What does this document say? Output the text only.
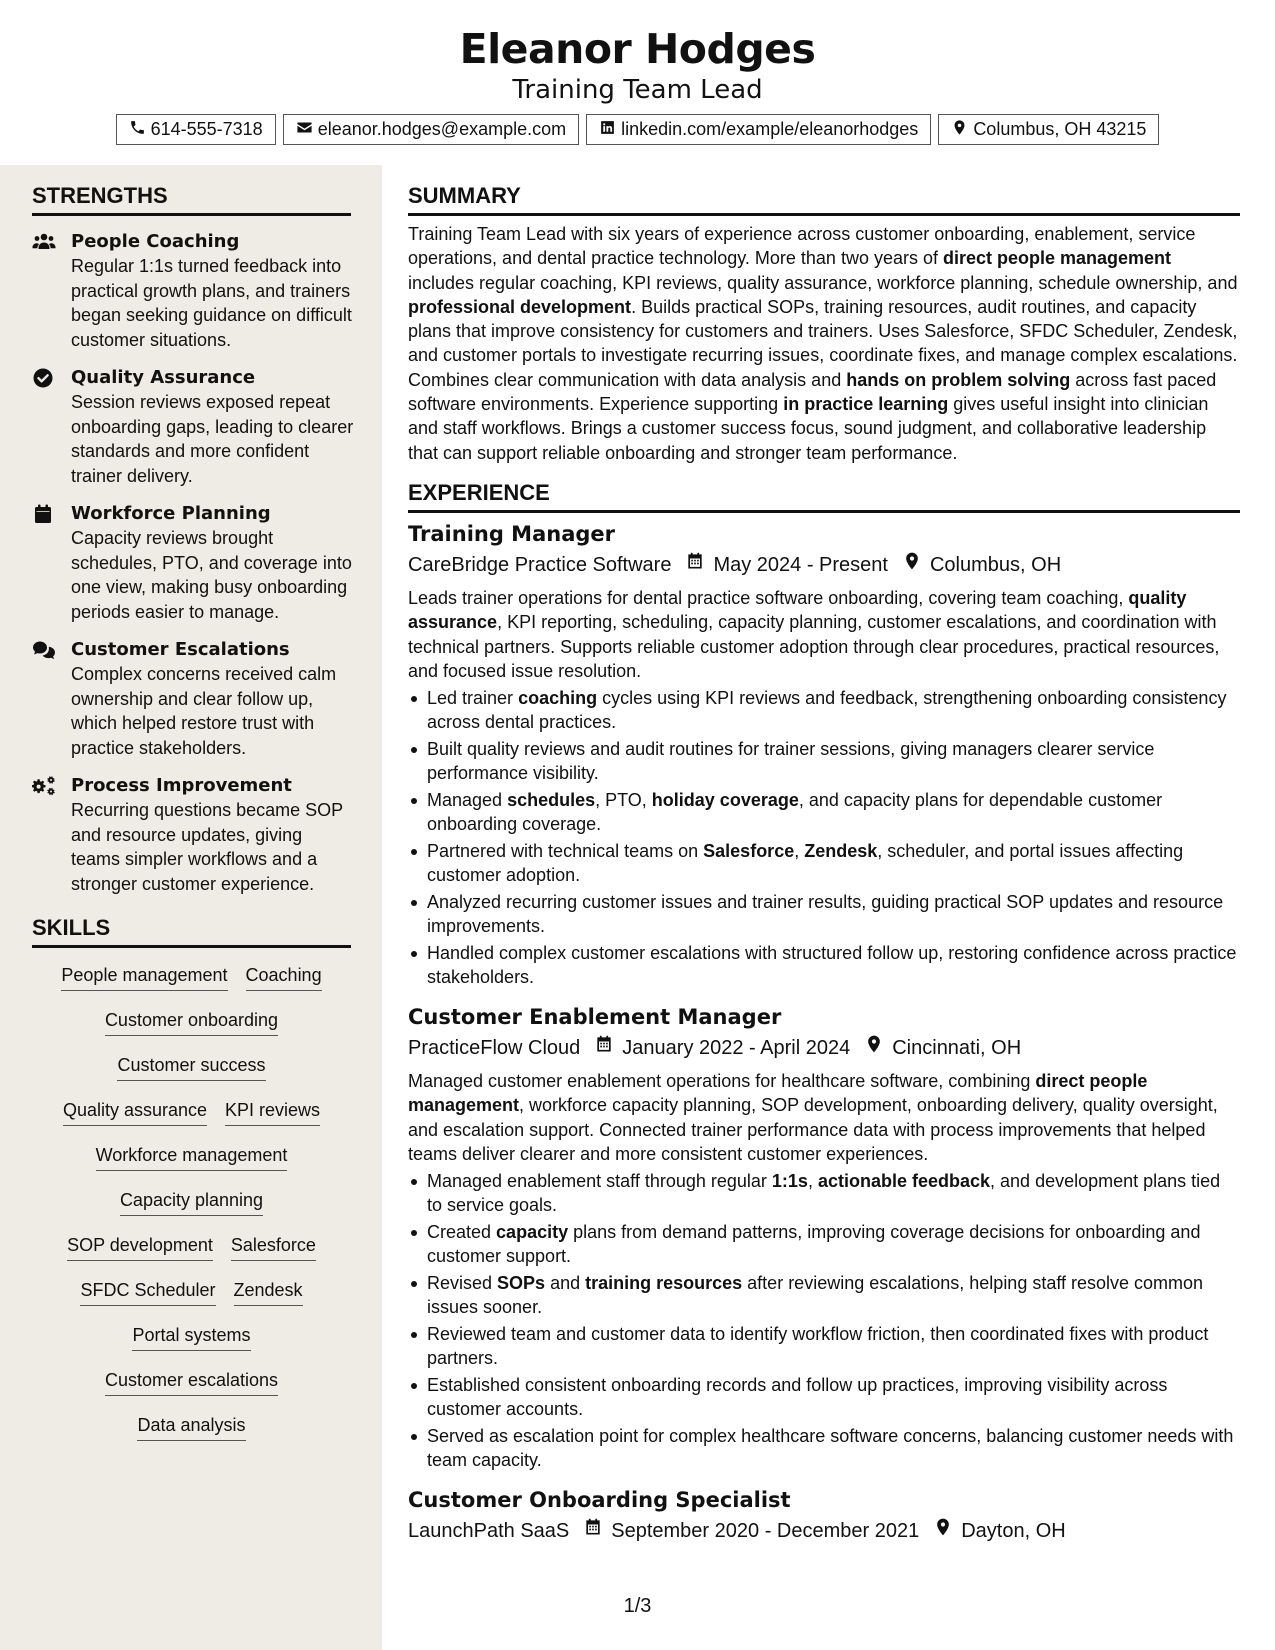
Eleanor Hodges
Training Team Lead
614-555-7318	eleanor.hodges@example.com	linkedin.com/example/eleanorhodges	Columbus, OH 43215
STRENGTHS
People Coaching
Regular 1:1s turned feedback into practical growth plans, and trainers began seeking guidance on difficult customer situations.
Quality Assurance
Session reviews exposed repeat onboarding gaps, leading to clearer standards and more confident trainer delivery.
Workforce Planning
Capacity reviews brought schedules, PTO, and coverage into one view, making busy onboarding periods easier to manage.
Customer Escalations
Complex concerns received calm ownership and clear follow up, which helped restore trust with practice stakeholders.
Process Improvement
Recurring questions became SOP and resource updates, giving teams simpler workflows and a stronger customer experience.
SKILLS
People management Coaching
Customer onboarding
Customer success
Quality assurance KPI reviews
Workforce management
Capacity planning
SOP development Salesforce
SFDC Scheduler Zendesk
Portal systems
Customer escalations
Data analysis
SUMMARY
Training Team Lead with six years of experience across customer onboarding, enablement, service operations, and dental practice technology. More than two years of direct people management includes regular coaching, KPI reviews, quality assurance, workforce planning, schedule ownership, and professional development. Builds practical SOPs, training resources, audit routines, and capacity plans that improve consistency for customers and trainers. Uses Salesforce, SFDC Scheduler, Zendesk, and customer portals to investigate recurring issues, coordinate fixes, and manage complex escalations. Combines clear communication with data analysis and hands on problem solving across fast paced software environments. Experience supporting in practice learning gives useful insight into clinician and staff workflows. Brings a customer success focus, sound judgment, and collaborative leadership that can support reliable onboarding and stronger team performance.
EXPERIENCE
Training Manager
CareBridge Practice Software May 2024 - Present Columbus, OH
Leads trainer operations for dental practice software onboarding, covering team coaching, quality assurance, KPI reporting, scheduling, capacity planning, customer escalations, and coordination with technical partners. Supports reliable customer adoption through clear procedures, practical resources, and focused issue resolution.
Led trainer coaching cycles using KPI reviews and feedback, strengthening onboarding consistency across dental practices.
Built quality reviews and audit routines for trainer sessions, giving managers clearer service performance visibility.
Managed schedules, PTO, holiday coverage, and capacity plans for dependable customer onboarding coverage.
Partnered with technical teams on Salesforce, Zendesk, scheduler, and portal issues affecting customer adoption.
Analyzed recurring customer issues and trainer results, guiding practical SOP updates and resource improvements.
Handled complex customer escalations with structured follow up, restoring confidence across practice stakeholders.
Customer Enablement Manager
PracticeFlow Cloud January 2022 - April 2024 Cincinnati, OH
Managed customer enablement operations for healthcare software, combining direct people management, workforce capacity planning, SOP development, onboarding delivery, quality oversight, and escalation support. Connected trainer performance data with process improvements that helped teams deliver clearer and more consistent customer experiences.
Managed enablement staff through regular 1:1s, actionable feedback, and development plans tied to service goals.
Created capacity plans from demand patterns, improving coverage decisions for onboarding and customer support.
Revised SOPs and training resources after reviewing escalations, helping staff resolve common issues sooner.
Reviewed team and customer data to identify workflow friction, then coordinated fixes with product partners.
Established consistent onboarding records and follow up practices, improving visibility across customer accounts.
Served as escalation point for complex healthcare software concerns, balancing customer needs with team capacity.
Customer Onboarding Specialist
LaunchPath SaaS September 2020 - December 2021 Dayton, OH
1/3
